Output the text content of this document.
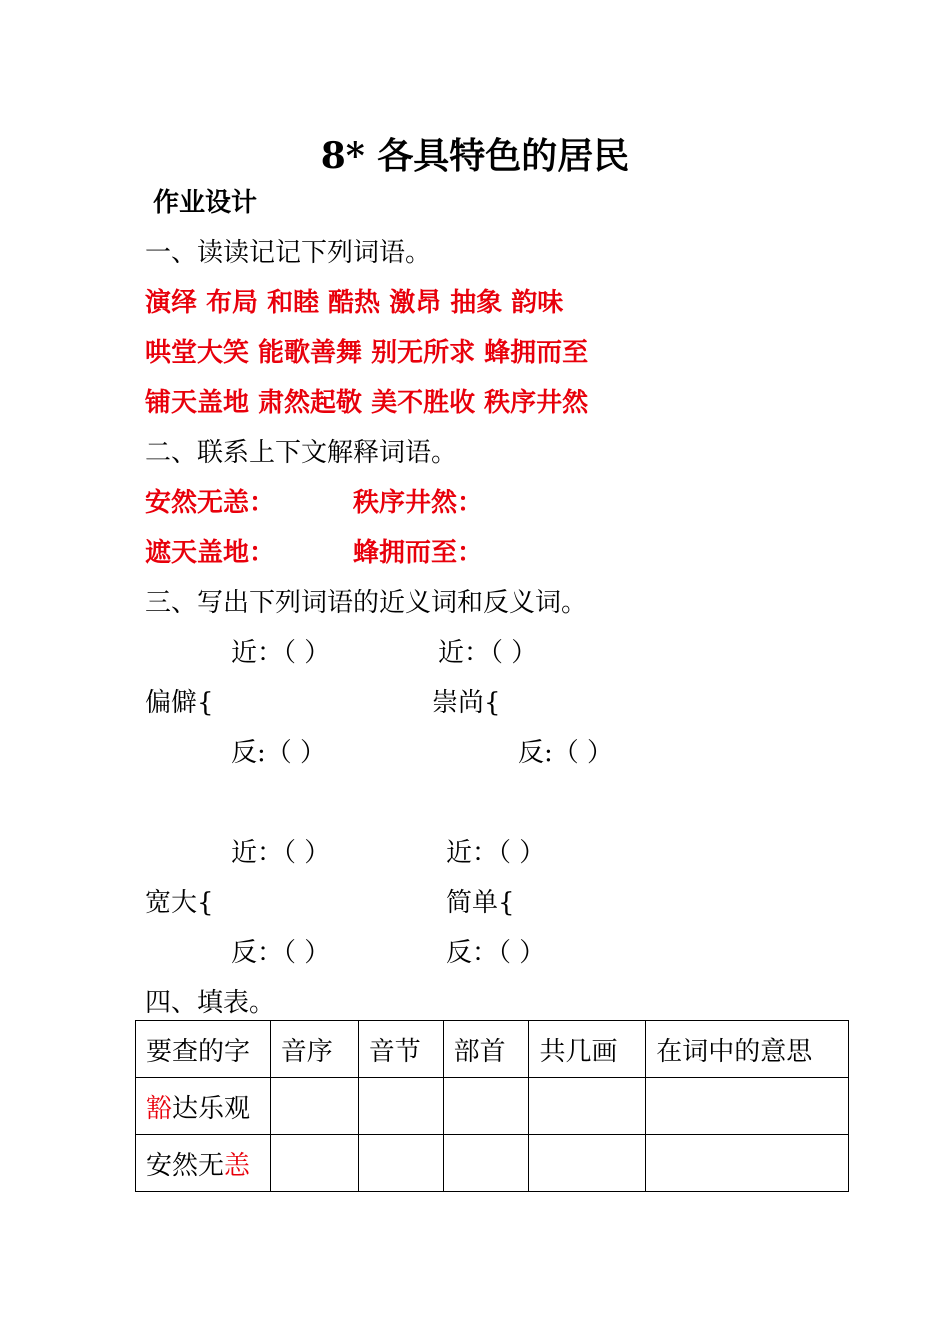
8* 各具特色的居民
作业设计
一、读读记记下列词语。
演绎 布局 和睦 酷热 激昂 抽象 韵味
哄堂大笑 能歌善舞 别无所求 蜂拥而至
铺天盖地 肃然起敬 美不胜收 秩序井然
二、联系上下文解释词语。
安然无恙：	秩序井然：
遮天盖地：	蜂拥而至：
三、写出下列词语的近义词和反义词。
近：（ ）	近：（ ）
偏僻{	崇尚{
反:（ ）	反:（ ）
近：（ ）	近：（ ）
宽大{	简单{
反：（ ）	反：（ ）
四、填表。
要查的字	音序	音节	部首	共几画	在词中的意思
豁达乐观					
安然无恙					
